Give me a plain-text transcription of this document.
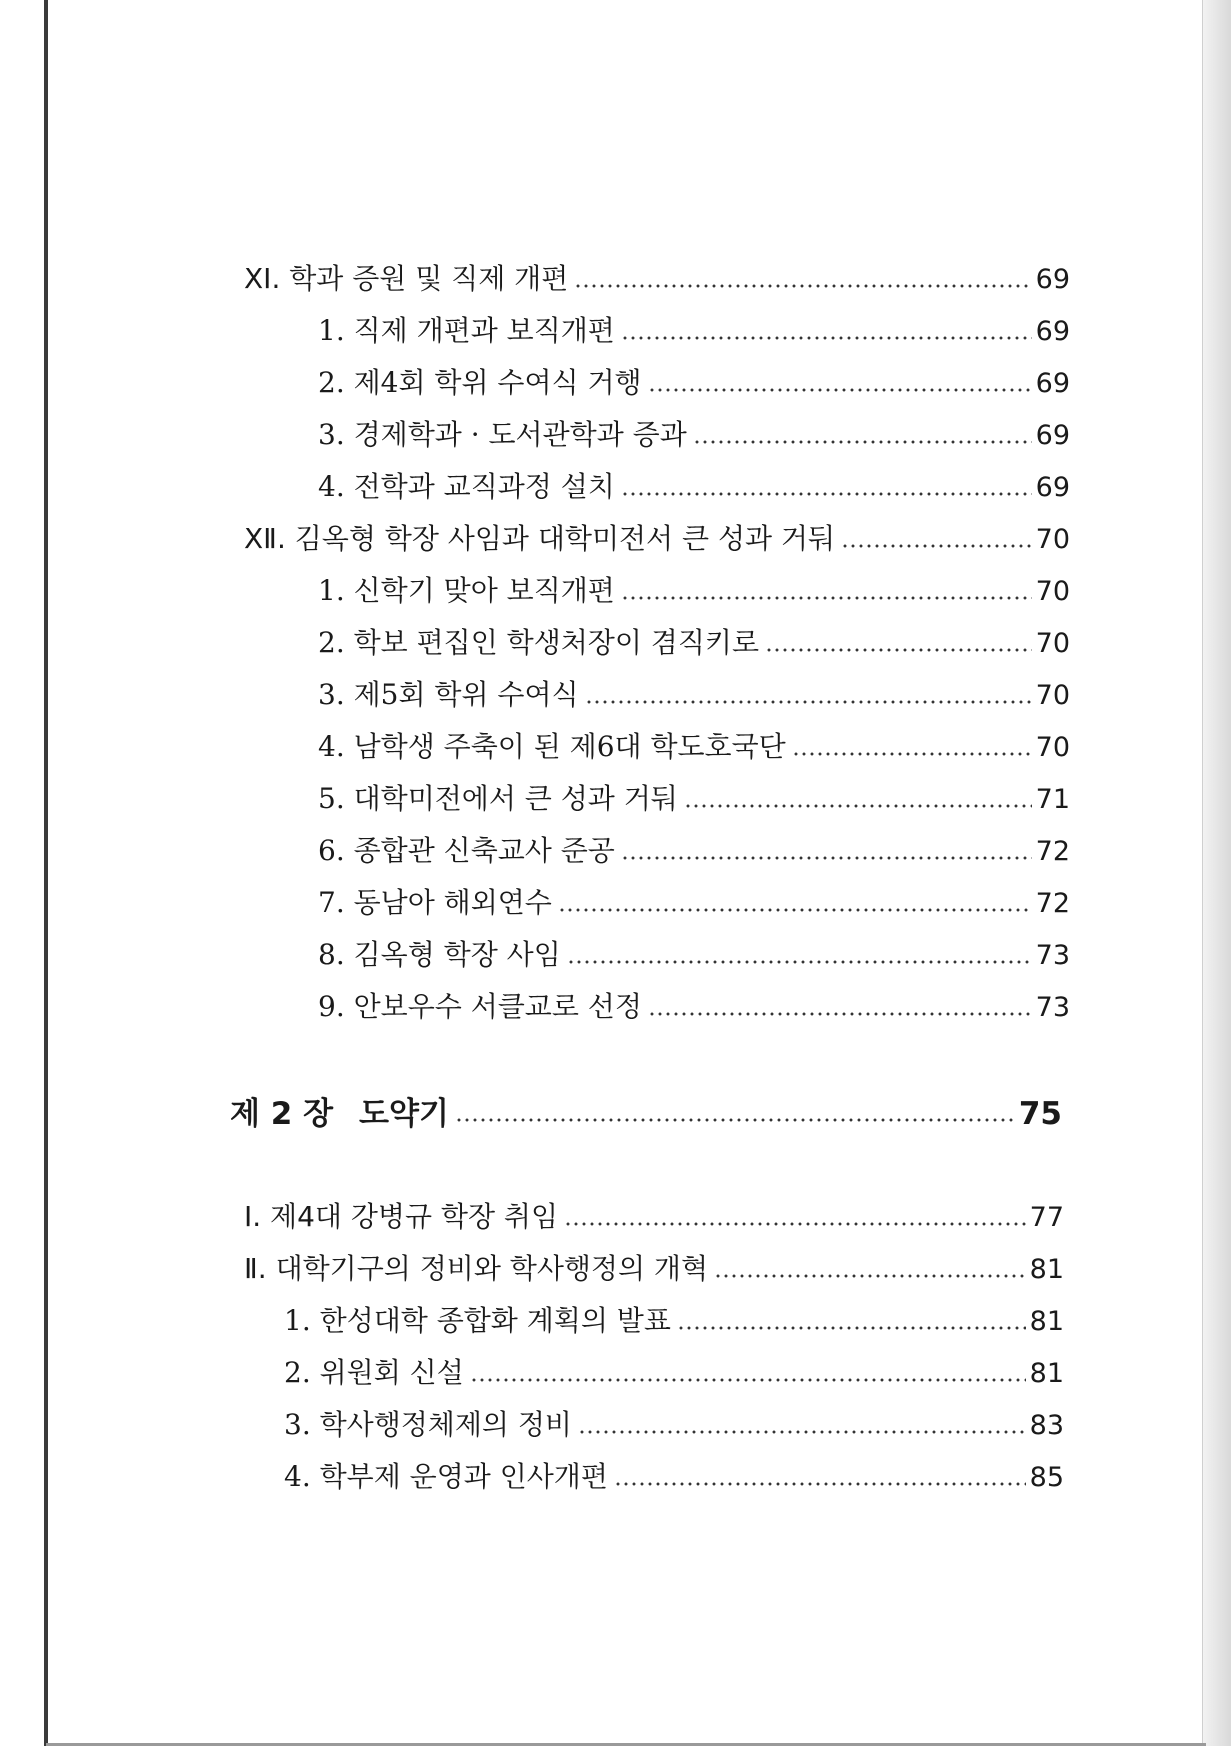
ⅩⅠ. 학과 증원 및 직제 개편	69
1. 직제 개편과 보직개편	69
2. 제4회 학위 수여식 거행	69
3. 경제학과 · 도서관학과 증과	69
4. 전학과 교직과정 설치	69
ⅩⅡ. 김옥형 학장 사임과 대학미전서 큰 성과 거둬	70
1. 신학기 맞아 보직개편	70
2. 학보 편집인 학생처장이 겸직키로	70
3. 제5회 학위 수여식	70
4. 남학생 주축이 된 제6대 학도호국단	70
5. 대학미전에서 큰 성과 거둬	71
6. 종합관 신축교사 준공	72
7. 동남아 해외연수	72
8. 김옥형 학장 사임	73
9. 안보우수 서클교로 선정	73
제 2 장 도약기	75
Ⅰ. 제4대 강병규 학장 취임	77
Ⅱ. 대학기구의 정비와 학사행정의 개혁	81
1. 한성대학 종합화 계획의 발표	81
2. 위원회 신설	81
3. 학사행정체제의 정비	83
4. 학부제 운영과 인사개편	85
